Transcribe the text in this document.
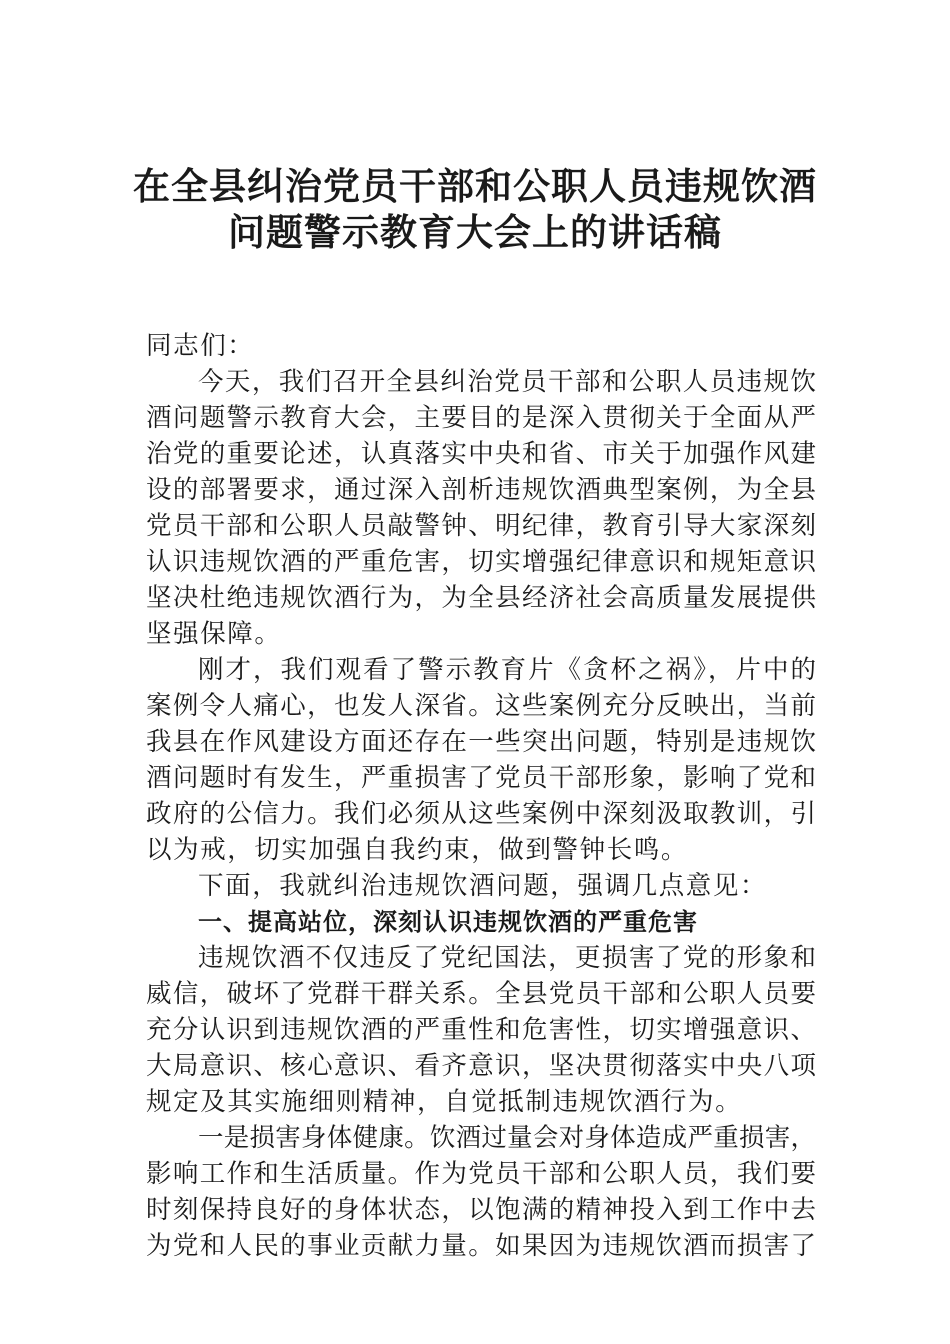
在全县纠治党员干部和公职人员违规饮酒
问题警示教育大会上的讲话稿
同志们：
今天，我们召开全县纠治党员干部和公职人员违规饮
酒问题警示教育大会，主要目的是深入贯彻关于全面从严
治党的重要论述，认真落实中央和省、市关于加强作风建
设的部署要求，通过深入剖析违规饮酒典型案例，为全县
党员干部和公职人员敲警钟、明纪律，教育引导大家深刻
认识违规饮酒的严重危害，切实增强纪律意识和规矩意识
坚决杜绝违规饮酒行为，为全县经济社会高质量发展提供
坚强保障。
刚才，我们观看了警示教育片《贪杯之祸》，片中的
案例令人痛心，也发人深省。这些案例充分反映出，当前
我县在作风建设方面还存在一些突出问题，特别是违规饮
酒问题时有发生，严重损害了党员干部形象，影响了党和
政府的公信力。我们必须从这些案例中深刻汲取教训，引
以为戒，切实加强自我约束，做到警钟长鸣。
下面，我就纠治违规饮酒问题，强调几点意见：
一、提高站位，深刻认识违规饮酒的严重危害
违规饮酒不仅违反了党纪国法，更损害了党的形象和
威信，破坏了党群干群关系。全县党员干部和公职人员要
充分认识到违规饮酒的严重性和危害性，切实增强意识、
大局意识、核心意识、看齐意识，坚决贯彻落实中央八项
规定及其实施细则精神，自觉抵制违规饮酒行为。
一是损害身体健康。饮酒过量会对身体造成严重损害，
影响工作和生活质量。作为党员干部和公职人员，我们要
时刻保持良好的身体状态，以饱满的精神投入到工作中去
为党和人民的事业贡献力量。如果因为违规饮酒而损害了
